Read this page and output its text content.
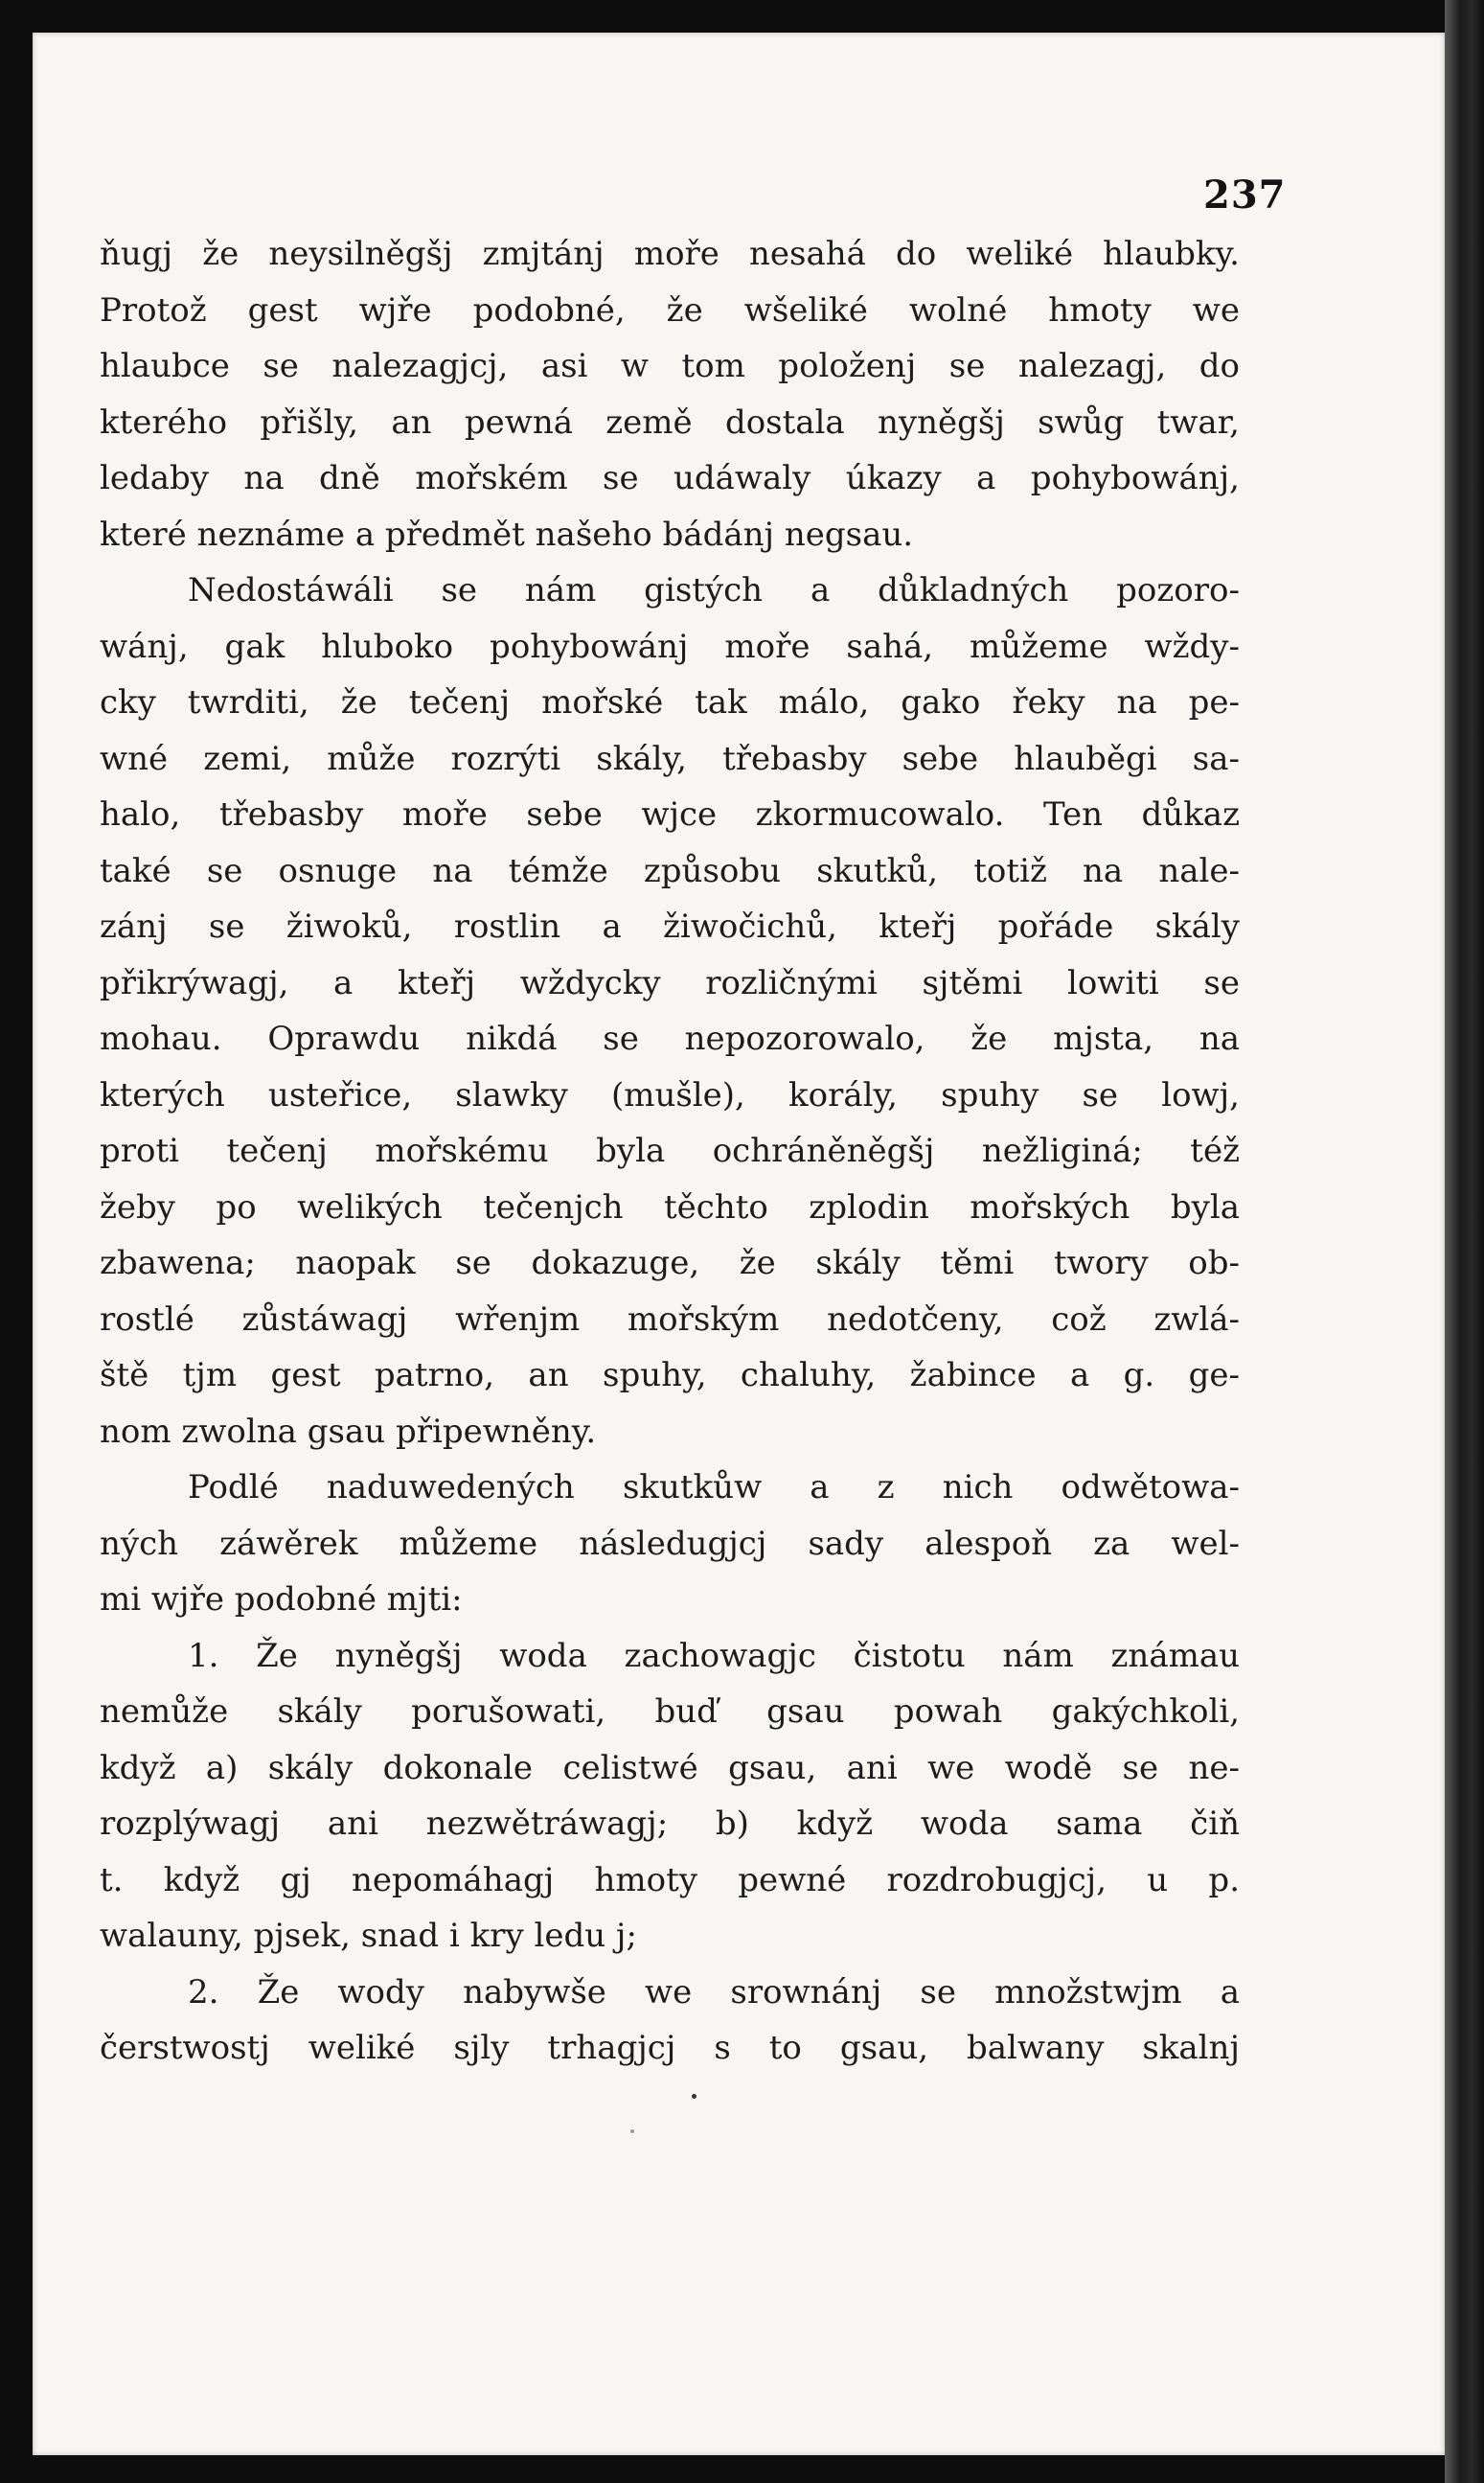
237
ňugj že neysilněgšj zmjtánj moře nesahá do weliké hlaubky.
Protož gest wjře podobné, že wšeliké wolné hmoty we
hlaubce se nalezagjcj, asi w tom položenj se nalezagj, do
kterého přišly, an pewná země dostala nyněgšj swůg twar,
ledaby na dně mořském se udáwaly úkazy a pohybowánj,
které neznáme a předmět našeho bádánj negsau.
Nedostáwáli se nám gistých a důkladných pozoro-
wánj, gak hluboko pohybowánj moře sahá, můžeme wždy-
cky twrditi, že tečenj mořské tak málo, gako řeky na pe-
wné zemi, může rozrýti skály, třebasby sebe hlauběgi sa-
halo, třebasby moře sebe wjce zkormucowalo. Ten důkaz
také se osnuge na témže způsobu skutků, totiž na nale-
zánj se žiwoků, rostlin a žiwočichů, kteřj pořáde skály
přikrýwagj, a kteřj wždycky rozličnými sjtěmi lowiti se
mohau. Oprawdu nikdá se nepozorowalo, že mjsta, na
kterých usteřice, slawky (mušle), korály, spuhy se lowj,
proti tečenj mořskému byla ochráněněgšj nežliginá; též
žeby po welikých tečenjch těchto zplodin mořských byla
zbawena; naopak se dokazuge, že skály těmi twory ob-
rostlé zůstáwagj wřenjm mořským nedotčeny, což zwlá-
ště tjm gest patrno, an spuhy, chaluhy, žabince a g. ge-
nom zwolna gsau připewněny.
Podlé naduwedených skutkůw a z nich odwětowa-
ných záwěrek můžeme následugjcj sady alespoň za wel-
mi wjře podobné mjti:
1. Že nyněgšj woda zachowagjc čistotu nám známau
nemůže skály porušowati, buď gsau powah gakýchkoli,
když a) skály dokonale celistwé gsau, ani we wodě se ne-
rozplýwagj ani nezwětráwagj; b) když woda sama čiň
t. když gj nepomáhagj hmoty pewné rozdrobugjcj, u p.
walauny, pjsek, snad i kry ledu j;
2. Že wody nabywše we srownánj se množstwjm a
čerstwostj weliké sjly trhagjcj s to gsau, balwany skalnj
